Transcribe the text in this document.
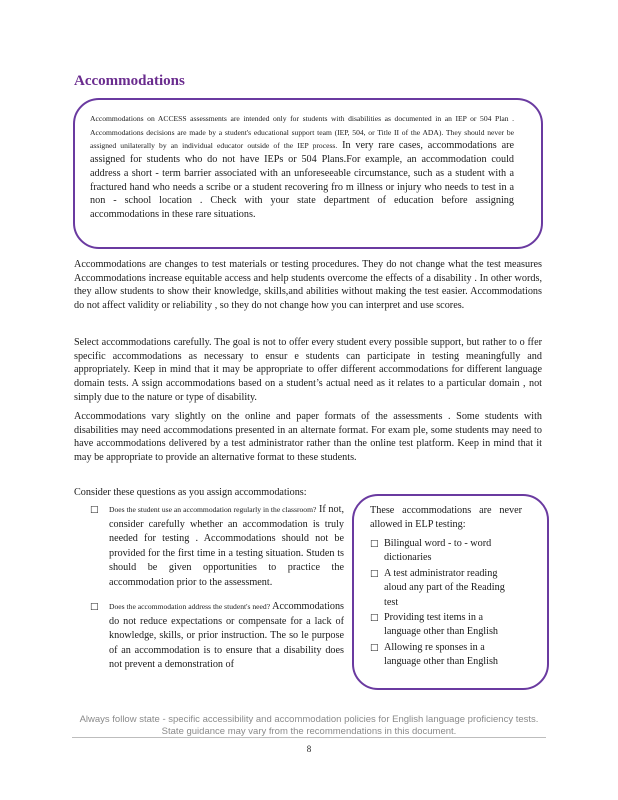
Accommodations
Accommodations on ACCESS assessments are intended only for students with disabilities as documented in an IEP or 504 Plan . Accommodations decisions are made by a student's educational support team (IEP, 504, or Title II of the ADA). They should never be assigned unilaterally by an individual educator outside of the IEP process. In very rare cases, accommodations are assigned for students who do not have IEPs or 504 Plans.For example, an accommodation could address a short - term barrier associated with an unforeseeable circumstance, such as a student with a fractured hand who needs a scribe or a student recovering fro m illness or injury who needs to test in a non - school location . Check with your state department of education before assigning accommodations in these rare situations.
Accommodations are changes to test materials or testing procedures. They do not change what the test measures Accommodations increase equitable access and help students overcome the effects of a disability . In other words, they allow students to show their knowledge, skills,and abilities without making the test easier. Accommodations do not affect validity or reliability , so they do not change how you can interpret and use scores.
Select accommodations carefully. The goal is not to offer every student every possible support, but rather to o ffer specific accommodations as necessary to ensur e students can participate in testing meaningfully and appropriately. Keep in mind that it may be appropriate to offer different accommodations for different language domain tests. A ssign accommodations based on a student’s actual need as it relates to a particular domain , not simply due to the nature or type of disability.
Accommodations vary slightly on the online and paper formats of the assessments . Some students with disabilities may need accommodations presented in an alternate format. For exam ple, some students may need to have accommodations delivered by a test administrator rather than the online test platform. Keep in mind that it may be appropriate to provide an alternative format to these students.
Consider these questions as you assign accommodations:
□ Does the student use an accommodation regularly in the classroom? If not, consider carefully whether an accommodation is truly needed for testing . Accommodations should not be provided for the first time in a testing situation. Studen ts should be given opportunities to practice the accommodation prior to the assessment.
□ Does the accommodation address the student's need? Accommodations do not reduce expectations or compensate for a lack of knowledge, skills, or prior instruction. The so le purpose of an accommodation is to ensure that a disability does not prevent a demonstration of
These accommodations are never allowed in ELP testing:
□ Bilingual word - to - word dictionaries
□ A test administrator reading aloud any part of the Reading test
□ Providing test items in a language other than English
□ Allowing re sponses in a language other than English
Always follow state - specific accessibility and accommodation policies for English language proficiency tests. State guidance may vary from the recommendations in this document.
8
